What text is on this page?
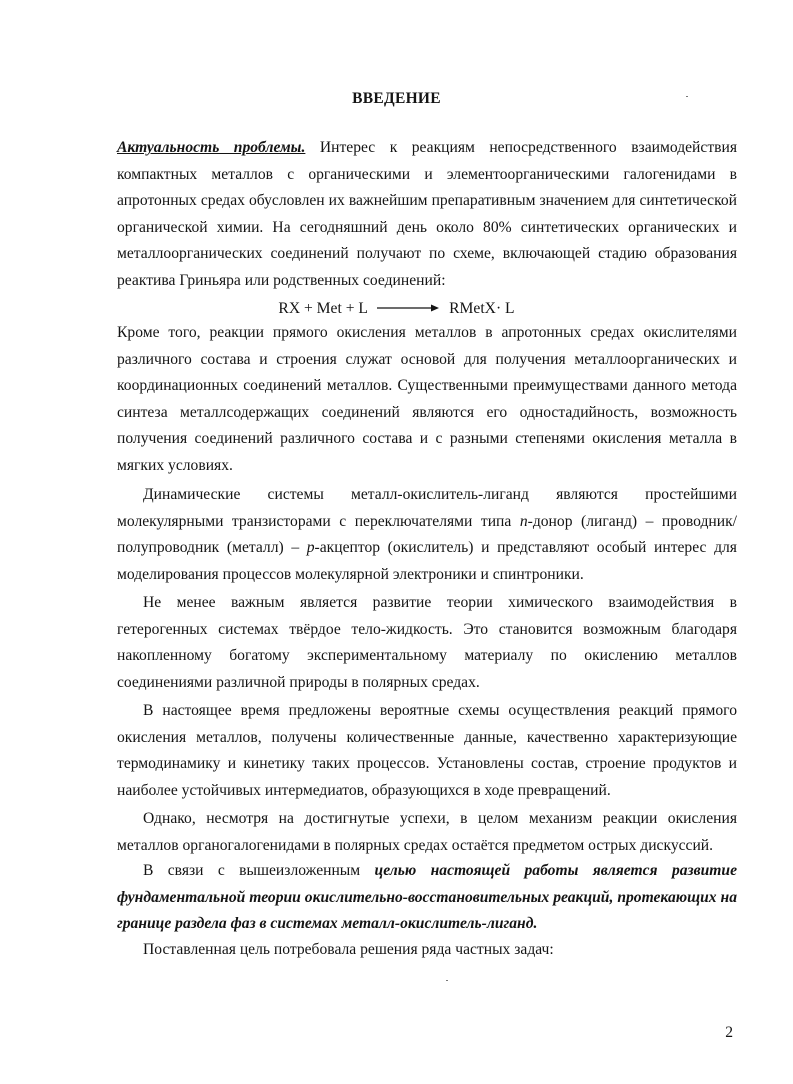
ВВЕДЕНИЕ

Актуальность проблемы. Интерес к реакциям непосредственного взаимодействия компактных металлов с органическими и элементоорганическими галогенидами в апротонных средах обусловлен их важнейшим препаративным значением для синтетической органической химии. На сегодняшний день около 80% синтетических органических и металлоорганических соединений получают по схеме, включающей стадию образования реактива Гриньяра или родственных соединений:

RX + Met + L	RMetX· L

Кроме того, реакции прямого окисления металлов в апротонных средах окислителями различного состава и строения служат основой для получения металлоорганических и координационных соединений металлов. Существенными преимуществами данного метода синтеза металлсодержащих соединений являются его одностадийность, возможность получения соединений различного состава и с разными степенями окисления металла в мягких условиях.

Динамические системы металл-окислитель-лиганд являются простейшими молекулярными транзисторами с переключателями типа n-донор (лиганд) – проводник/полупроводник (металл) – p-акцептор (окислитель) и представляют особый интерес для моделирования процессов молекулярной электроники и спинтроники.

Не менее важным является развитие теории химического взаимодействия в гетерогенных системах твёрдое тело-жидкость. Это становится возможным благодаря накопленному богатому экспериментальному материалу по окислению металлов соединениями различной природы в полярных средах.

В настоящее время предложены вероятные схемы осуществления реакций прямого окисления металлов, получены количественные данные, качественно характеризующие термодинамику и кинетику таких процессов. Установлены состав, строение продуктов и наиболее устойчивых интермедиатов, образующихся в ходе превращений.

Однако, несмотря на достигнутые успехи, в целом механизм реакции окисления металлов органогалогенидами в полярных средах остаётся предметом острых дискуссий.

В связи с вышеизложенным целью настоящей работы является развитие фундаментальной теории окислительно-восстановительных реакций, протекающих на границе раздела фаз в системах металл-окислитель-лиганд.

Поставленная цель потребовала решения ряда частных задач:

2
